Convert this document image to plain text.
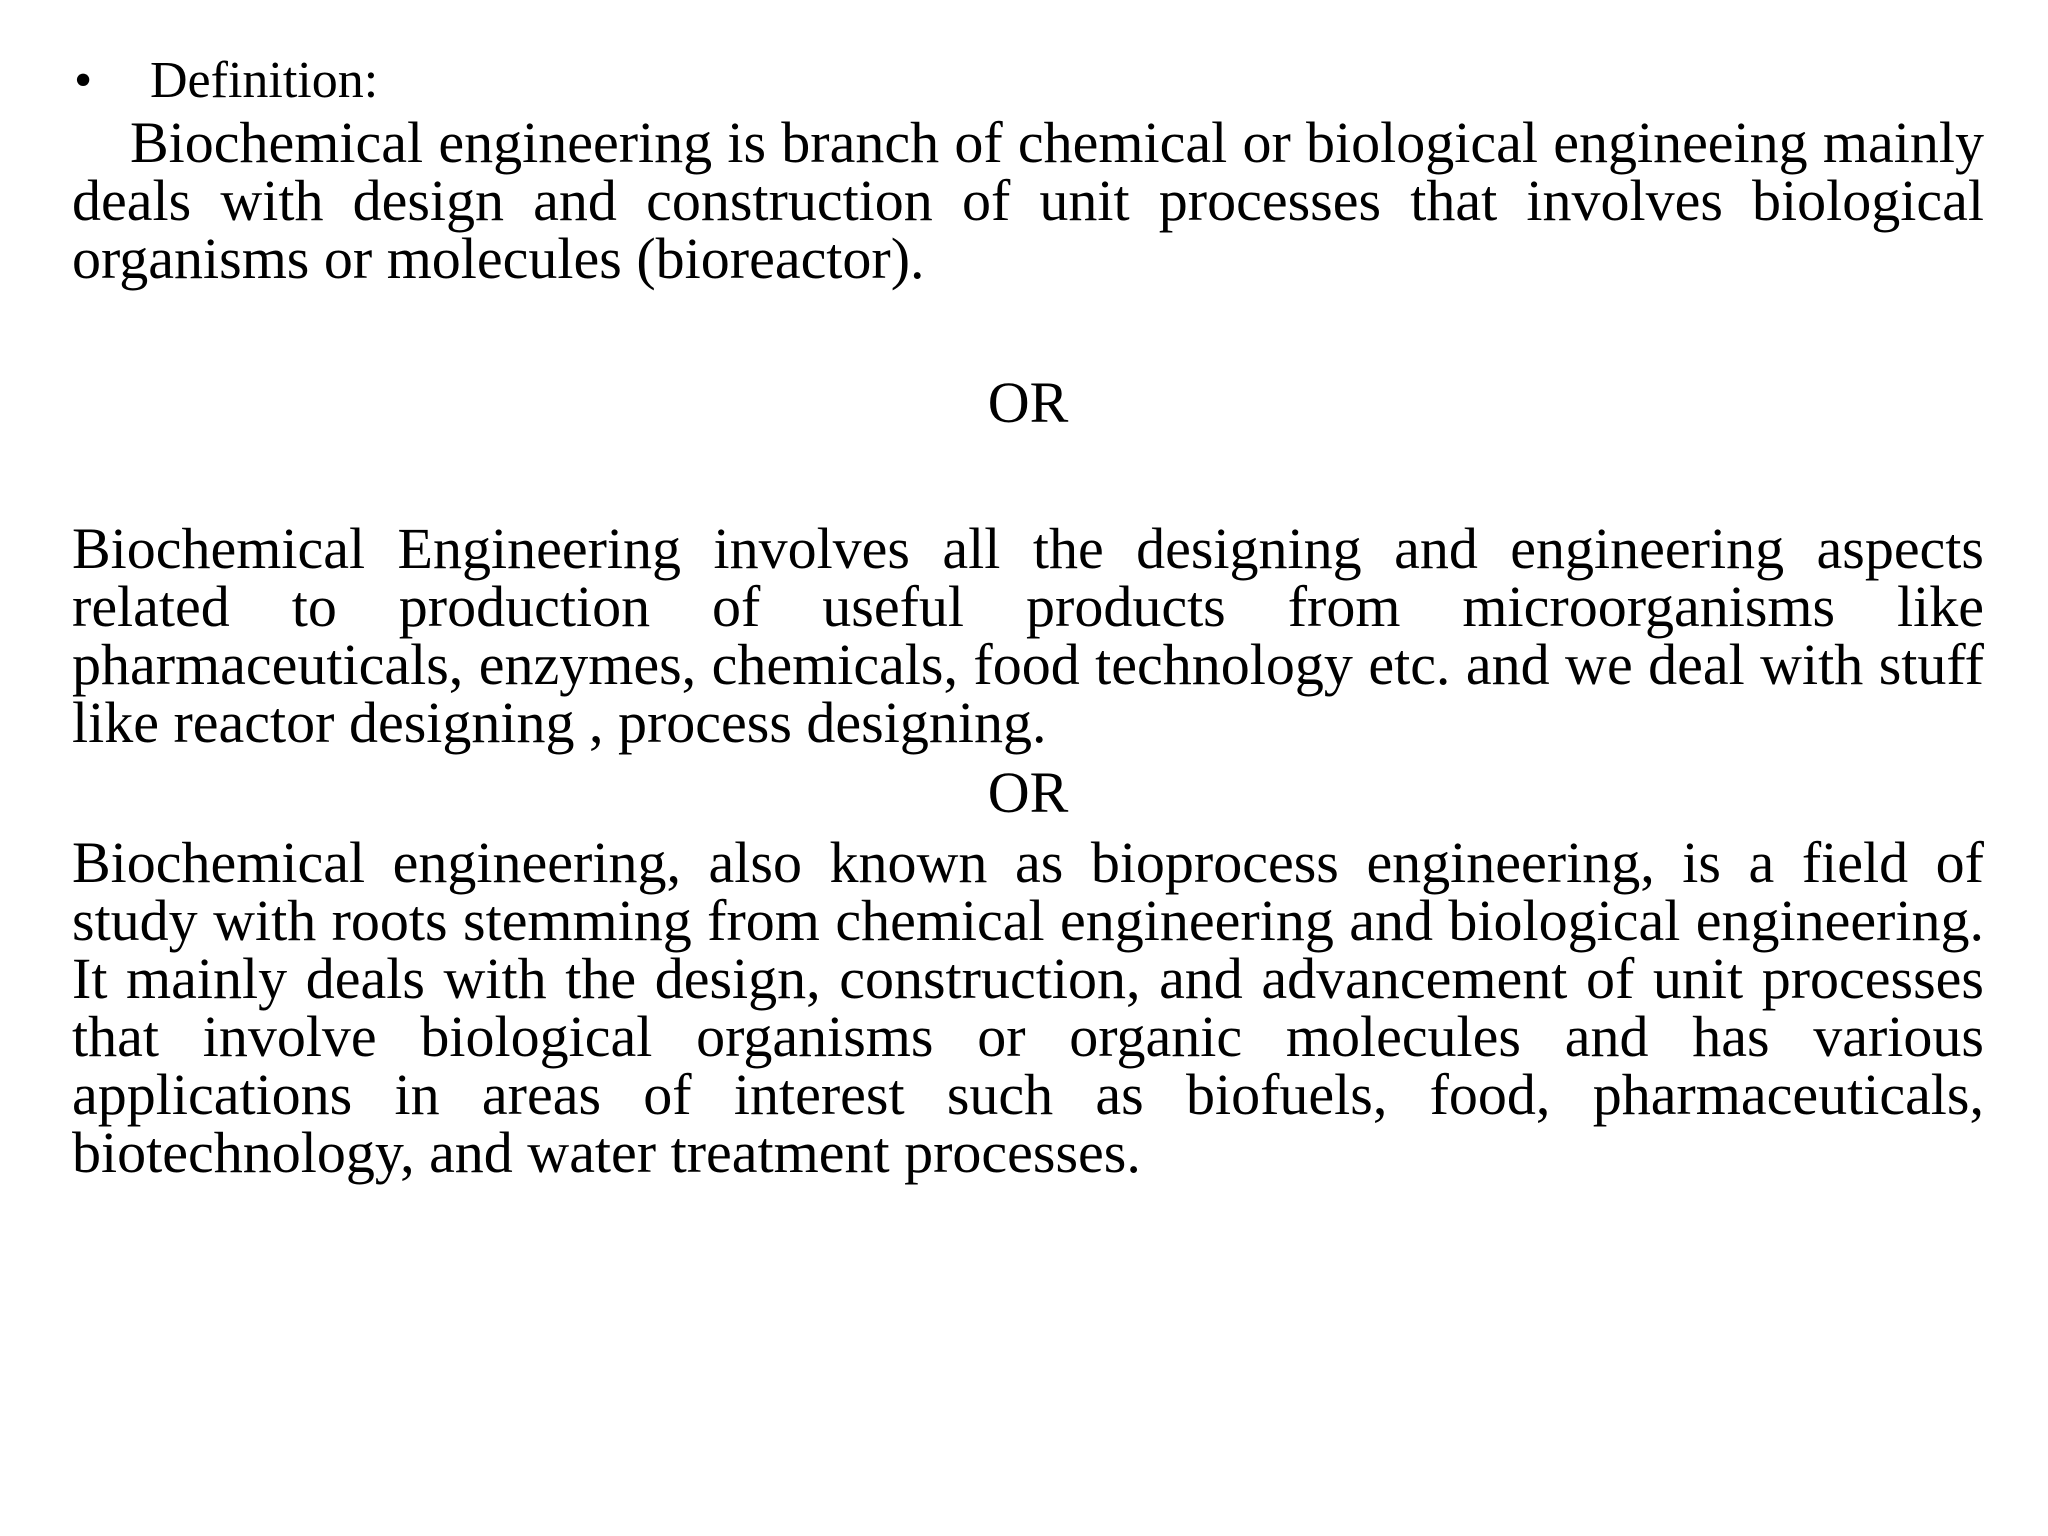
•	Definition:

Biochemical engineering is branch of chemical or biological engineeing mainly deals with design and construction of unit processes that involves biological organisms or molecules (bioreactor).

OR

Biochemical Engineering involves all the designing and engineering aspects related to production of useful products from microorganisms like pharmaceuticals, enzymes, chemicals, food technology etc. and we deal with stuff like reactor designing , process designing.

OR

Biochemical engineering, also known as bioprocess engineering, is a field of study with roots stemming from chemical engineering and biological engineering. It mainly deals with the design, construction, and advancement of unit processes that involve biological organisms or organic molecules and has various applications in areas of interest such as biofuels, food, pharmaceuticals, biotechnology, and water treatment processes.
